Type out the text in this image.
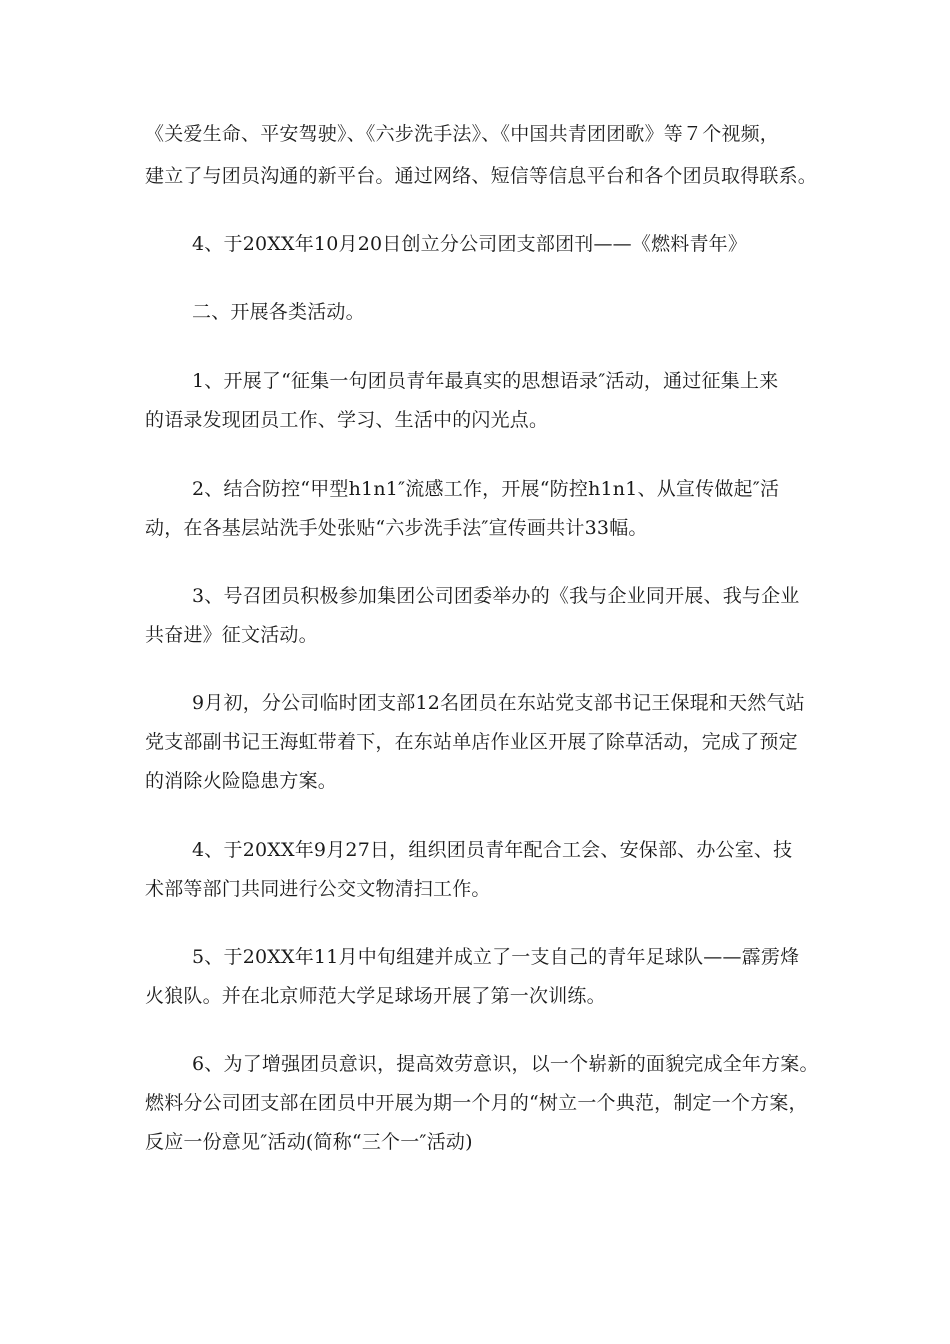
《关爱生命、平安驾驶》、《六步洗手法》、《中国共青团团歌》等７个视频，
建立了与团员沟通的新平台。通过网络、短信等信息平台和各个团员取得联系。
4、于20XX年10月20日创立分公司团支部团刊——《燃料青年》
二、开展各类活动。
1、开展了“征集一句团员青年最真实的思想语录″活动，通过征集上来
的语录发现团员工作、学习、生活中的闪光点。
2、结合防控“甲型h1n1″流感工作，开展“防控h1n1、从宣传做起″活
动，在各基层站洗手处张贴“六步洗手法″宣传画共计33幅。
3、号召团员积极参加集团公司团委举办的《我与企业同开展、我与企业
共奋进》征文活动。
9月初，分公司临时团支部12名团员在东站党支部书记王保琨和天然气站
党支部副书记王海虹带着下，在东站单店作业区开展了除草活动，完成了预定
的消除火险隐患方案。
4、于20XX年9月27日，组织团员青年配合工会、安保部、办公室、技
术部等部门共同进行公交文物清扫工作。
5、于20XX年11月中旬组建并成立了一支自己的青年足球队——霹雳烽
火狼队。并在北京师范大学足球场开展了第一次训练。
6、为了增强团员意识，提高效劳意识，以一个崭新的面貌完成全年方案。
燃料分公司团支部在团员中开展为期一个月的“树立一个典范，制定一个方案，
反应一份意见″活动(简称“三个一″活动)
